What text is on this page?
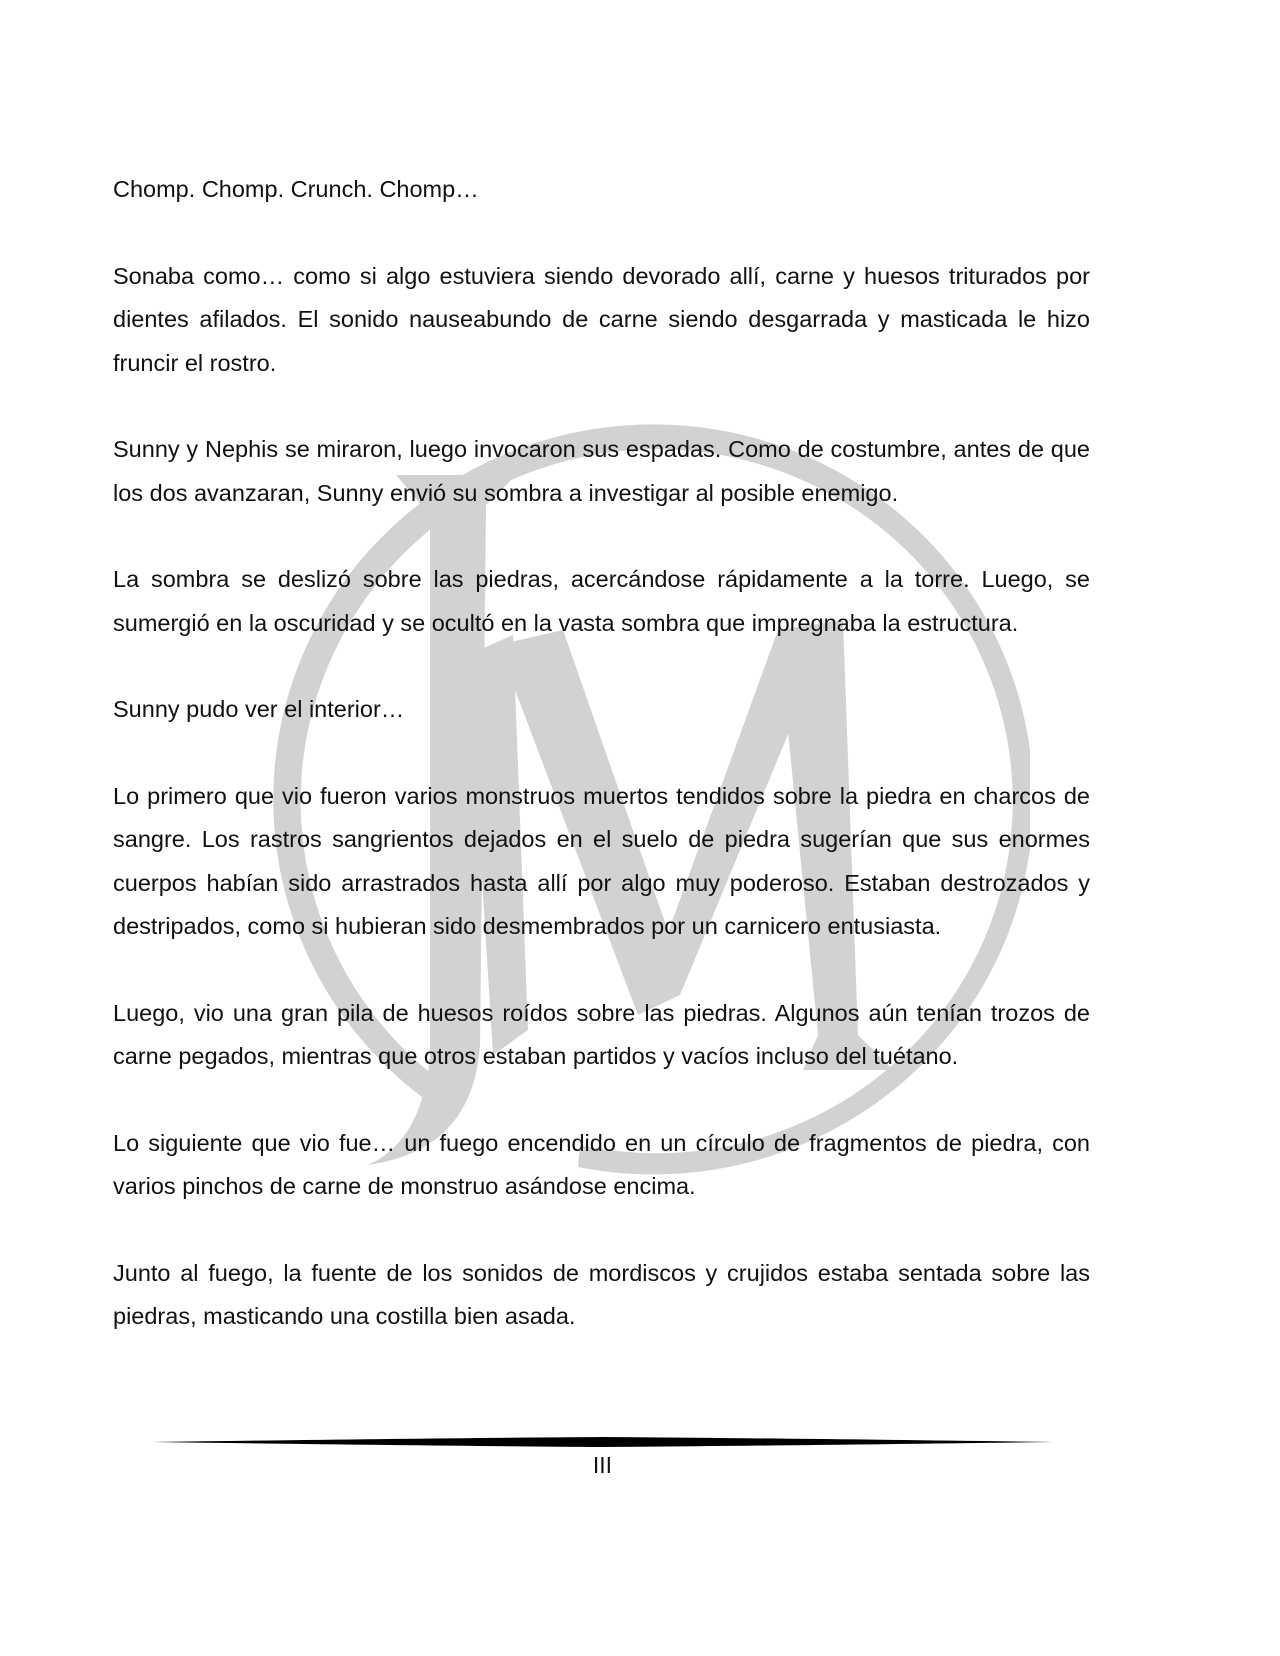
Chomp. Chomp. Crunch. Chomp…

Sonaba como… como si algo estuviera siendo devorado allí, carne y huesos triturados por dientes afilados. El sonido nauseabundo de carne siendo desgarrada y masticada le hizo fruncir el rostro.

Sunny y Nephis se miraron, luego invocaron sus espadas. Como de costumbre, antes de que los dos avanzaran, Sunny envió su sombra a investigar al posible enemigo.

La sombra se deslizó sobre las piedras, acercándose rápidamente a la torre. Luego, se sumergió en la oscuridad y se ocultó en la vasta sombra que impregnaba la estructura.

Sunny pudo ver el interior…

Lo primero que vio fueron varios monstruos muertos tendidos sobre la piedra en charcos de sangre. Los rastros sangrientos dejados en el suelo de piedra sugerían que sus enormes cuerpos habían sido arrastrados hasta allí por algo muy poderoso. Estaban destrozados y destripados, como si hubieran sido desmembrados por un carnicero entusiasta.

Luego, vio una gran pila de huesos roídos sobre las piedras. Algunos aún tenían trozos de carne pegados, mientras que otros estaban partidos y vacíos incluso del tuétano.

Lo siguiente que vio fue… un fuego encendido en un círculo de fragmentos de piedra, con varios pinchos de carne de monstruo asándose encima.

Junto al fuego, la fuente de los sonidos de mordiscos y crujidos estaba sentada sobre las piedras, masticando una costilla bien asada.

III
